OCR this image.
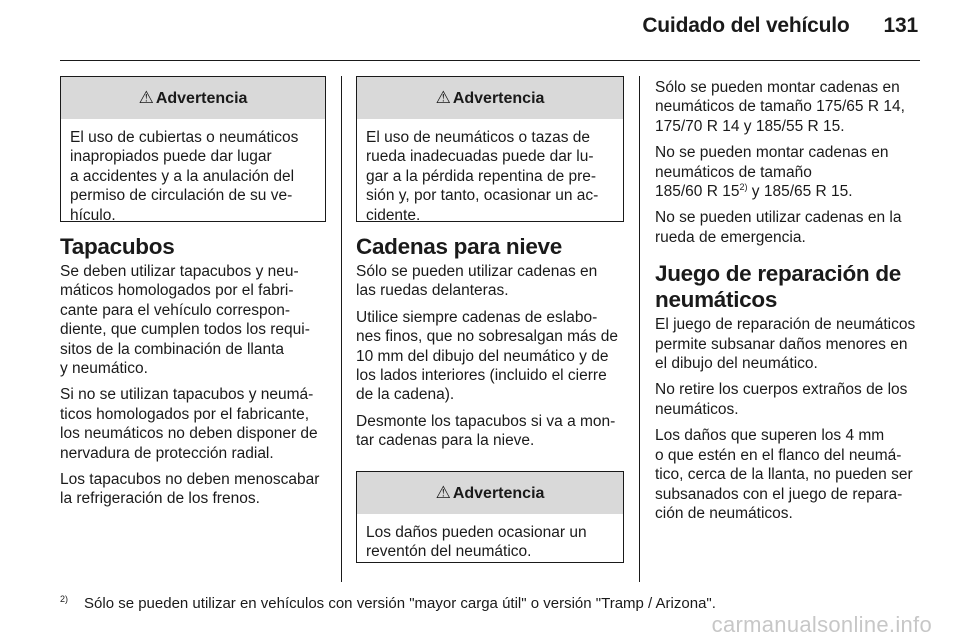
Cuidado del vehículo 131
⚠ Advertencia
El uso de cubiertas o neumáticos
inapropiados puede dar lugar
a accidentes y a la anulación del
permiso de circulación de su ve-
hículo.
Tapacubos

Se deben utilizar tapacubos y neu-
máticos homologados por el fabri-
cante para el vehículo correspon-
diente, que cumplen todos los requi-
sitos de la combinación de llanta
y neumático.

Si no se utilizan tapacubos y neumá-
ticos homologados por el fabricante,
los neumáticos no deben disponer de
nervadura de protección radial.

Los tapacubos no deben menoscabar
la refrigeración de los frenos.

⚠ Advertencia
El uso de neumáticos o tazas de
rueda inadecuadas puede dar lu-
gar a la pérdida repentina de pre-
sión y, por tanto, ocasionar un ac-
cidente.
Cadenas para nieve

Sólo se pueden utilizar cadenas en
las ruedas delanteras.

Utilice siempre cadenas de eslabo-
nes finos, que no sobresalgan más de
10 mm del dibujo del neumático y de
los lados interiores (incluido el cierre
de la cadena).

Desmonte los tapacubos si va a mon-
tar cadenas para la nieve.

⚠ Advertencia
Los daños pueden ocasionar un
reventón del neumático.

Sólo se pueden montar cadenas en
neumáticos de tamaño 175/65 R 14,
175/70 R 14 y 185/55 R 15.

No se pueden montar cadenas en
neumáticos de tamaño
185/60 R 15$^{2)}$ y 185/65 R 15.

No se pueden utilizar cadenas en la
rueda de emergencia.

Juego de reparación de
neumáticos

El juego de reparación de neumáticos
permite subsanar daños menores en
el dibujo del neumático.

No retire los cuerpos extraños de los
neumáticos.

Los daños que superen los 4 mm
o que estén en el flanco del neumá-
tico, cerca de la llanta, no pueden ser
subsanados con el juego de repara-
ción de neumáticos.

$^{2)}$ Sólo se pueden utilizar en vehículos con versión "mayor carga útil" o versión "Tramp / Arizona".
carmanualsonline.info
